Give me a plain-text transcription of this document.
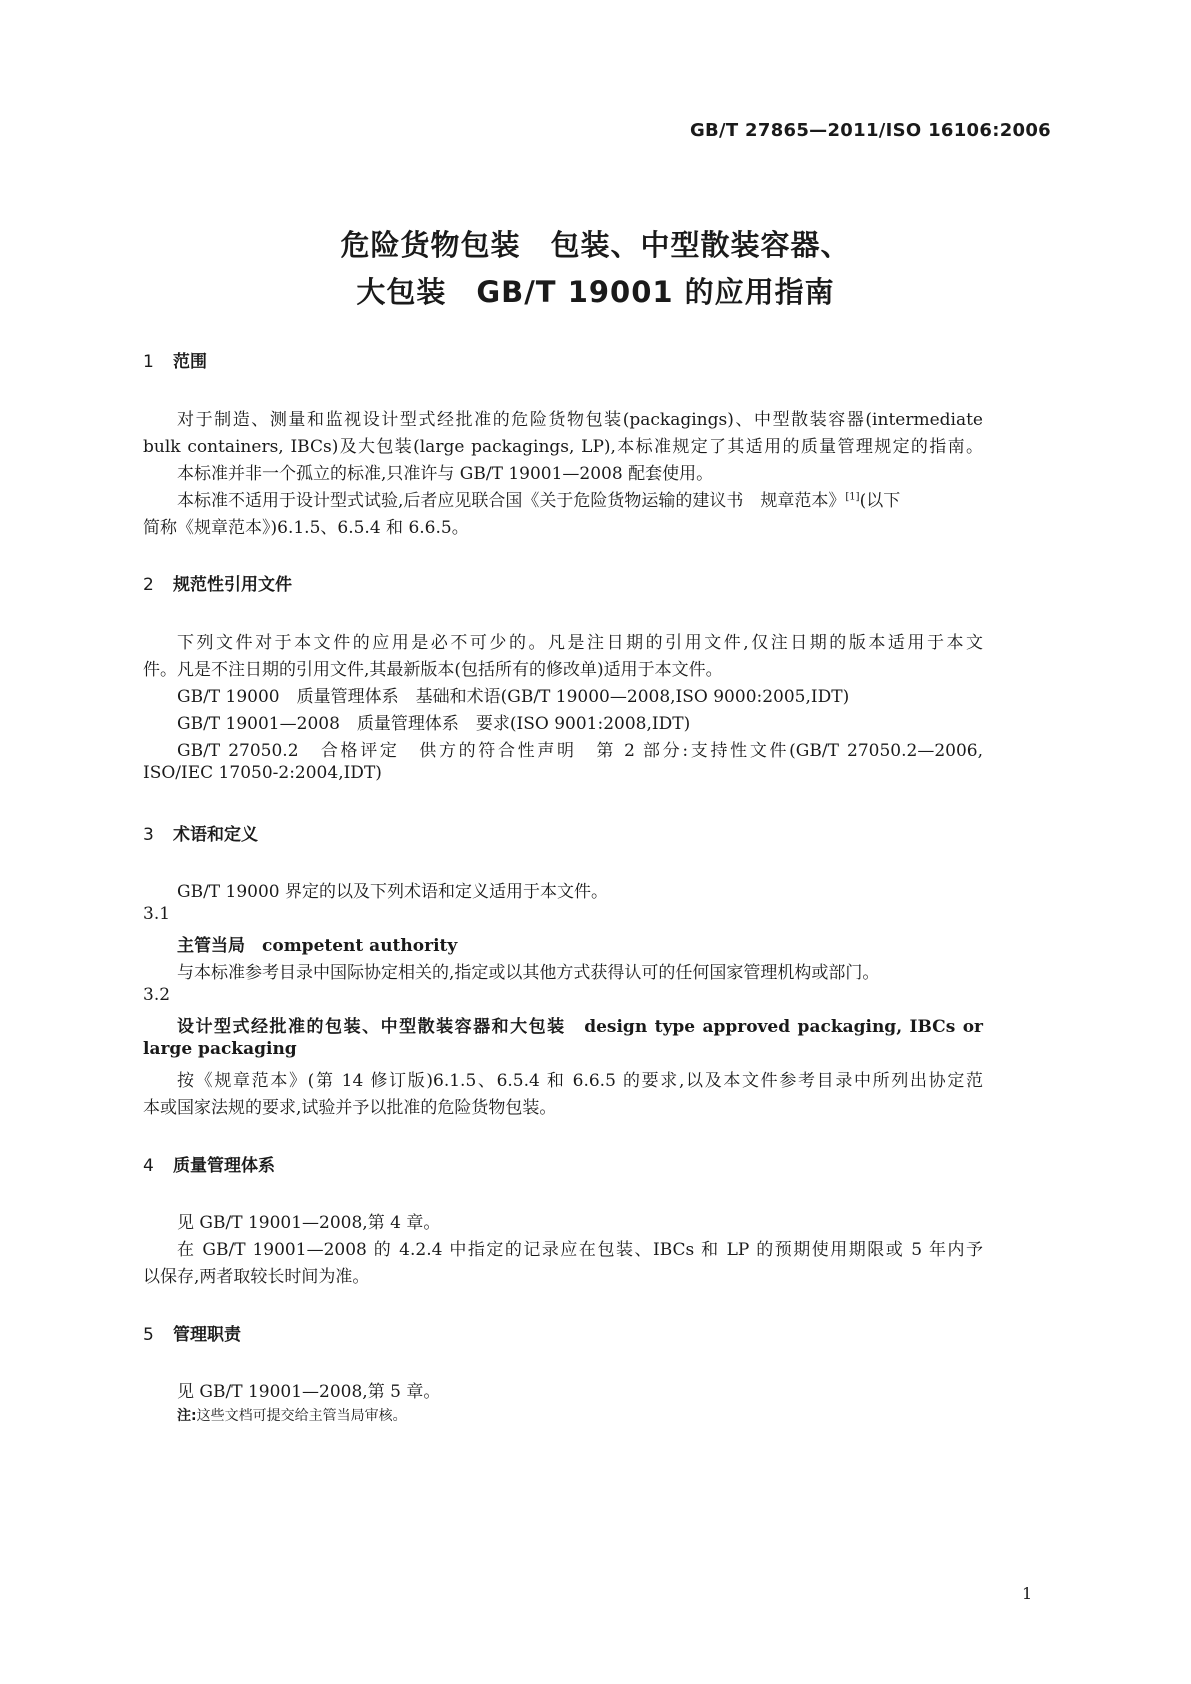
GB/T 27865—2011/ISO 16106:2006
危险货物包装　包装、中型散装容器、
大包装　GB/T 19001 的应用指南
1 范围
对于制造、测量和监视设计型式经批准的危险货物包装(packagings)、中型散装容器(intermediate
bulk containers, IBCs)及大包装(large packagings, LP),本标准规定了其适用的质量管理规定的指南。
本标准并非一个孤立的标准,只准许与 GB/T 19001—2008 配套使用。
本标准不适用于设计型式试验,后者应见联合国《关于危险货物运输的建议书　规章范本》[1](以下
简称《规章范本》)6.1.5、6.5.4 和 6.6.5。
2 规范性引用文件
下列文件对于本文件的应用是必不可少的。凡是注日期的引用文件,仅注日期的版本适用于本文
件。凡是不注日期的引用文件,其最新版本(包括所有的修改单)适用于本文件。
GB/T 19000　质量管理体系　基础和术语(GB/T 19000—2008,ISO 9000:2005,IDT)
GB/T 19001—2008　质量管理体系　要求(ISO 9001:2008,IDT)
GB/T 27050.2　合格评定　供方的符合性声明　第 2 部分:支持性文件(GB/T 27050.2—2006,
ISO/IEC 17050-2:2004,IDT)
3 术语和定义
GB/T 19000 界定的以及下列术语和定义适用于本文件。
3.1
主管当局　 competent authority
与本标准参考目录中国际协定相关的,指定或以其他方式获得认可的任何国家管理机构或部门。
3.2
设计型式经批准的包装、中型散装容器和大包装　 design type approved packaging, IBCs or
large packaging
按《规章范本》(第 14 修订版)6.1.5、6.5.4 和 6.6.5 的要求,以及本文件参考目录中所列出协定范
本或国家法规的要求,试验并予以批准的危险货物包装。
4 质量管理体系
见 GB/T 19001—2008,第 4 章。
在 GB/T 19001—2008 的 4.2.4 中指定的记录应在包装、IBCs 和 LP 的预期使用期限或 5 年内予
以保存,两者取较长时间为准。
5 管理职责
见 GB/T 19001—2008,第 5 章。
注:这些文档可提交给主管当局审核。
1
